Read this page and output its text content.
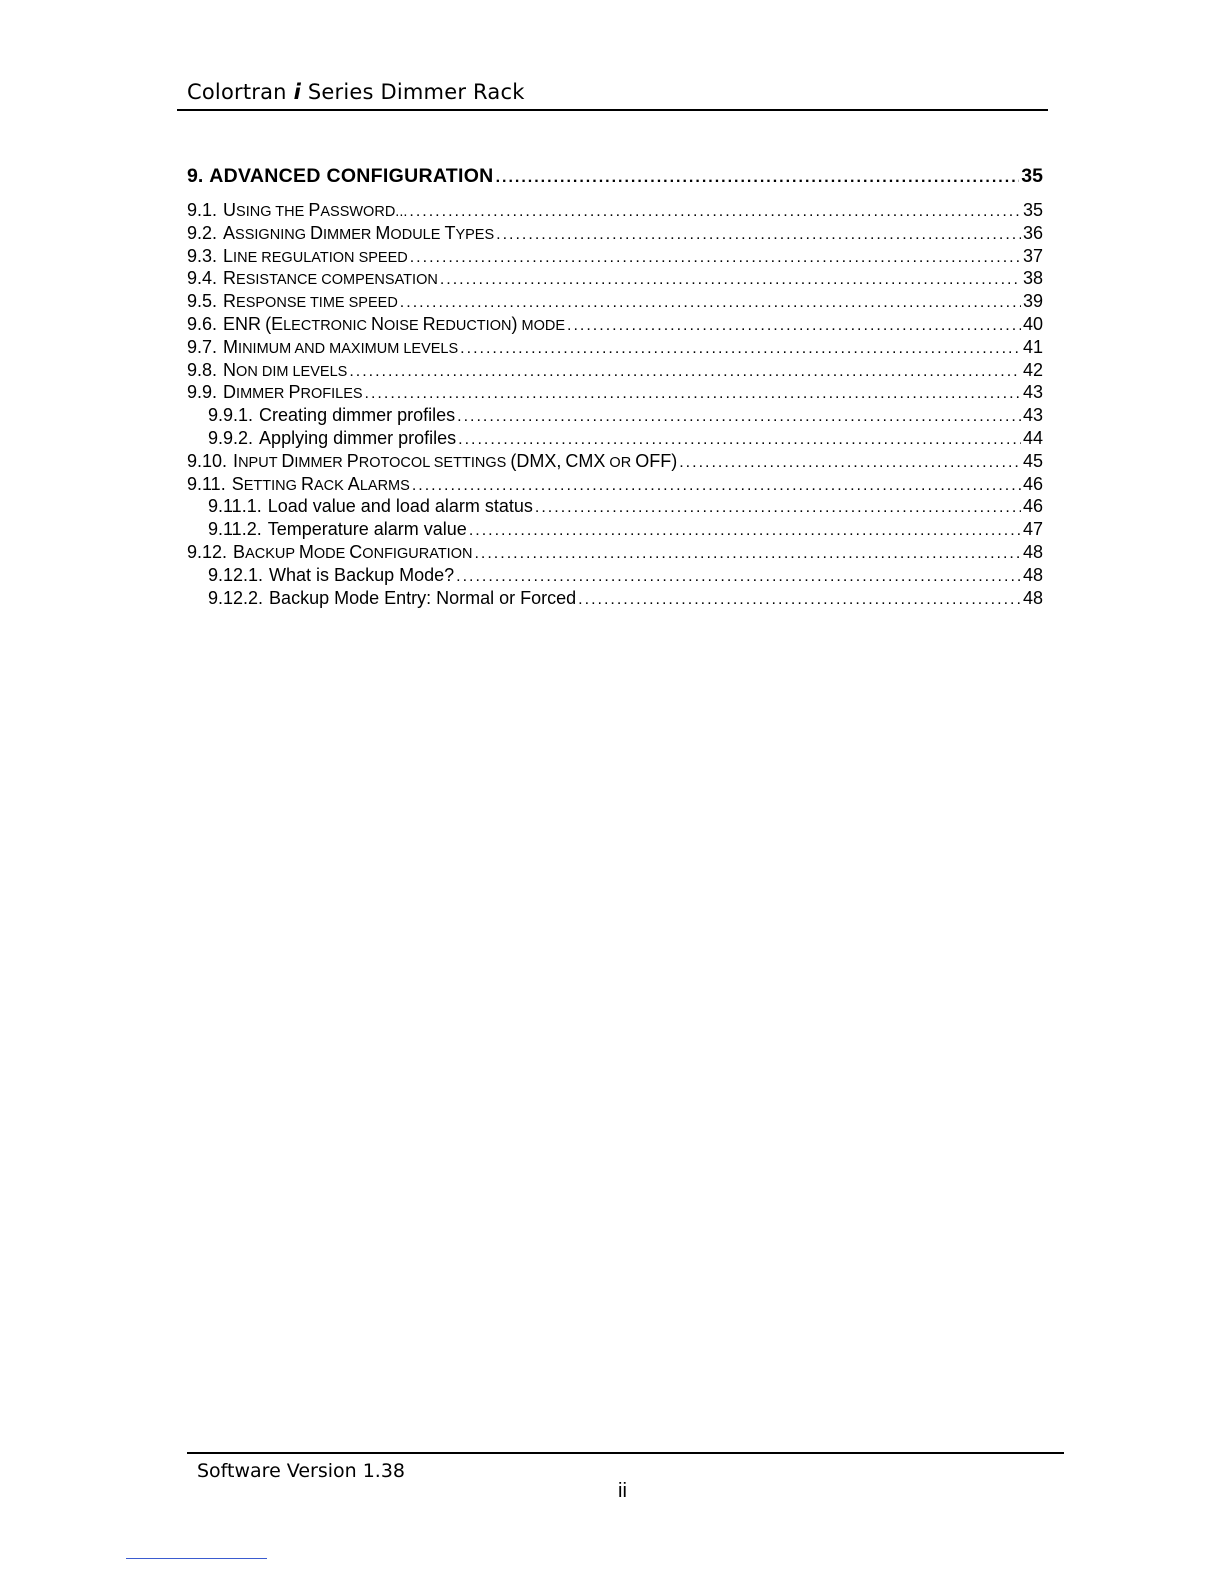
Colortran i Series Dimmer Rack
9. ADVANCED CONFIGURATION .....	35
9.1. USING THE PASSWORD... .....	35
9.2. ASSIGNING DIMMER MODULE TYPES .....	36
9.3. LINE REGULATION SPEED .....	37
9.4. RESISTANCE COMPENSATION .....	38
9.5. RESPONSE TIME SPEED .....	39
9.6. ENR (ELECTRONIC NOISE REDUCTION) MODE .....	40
9.7. MINIMUM AND MAXIMUM LEVELS .....	41
9.8. NON DIM LEVELS .....	42
9.9. DIMMER PROFILES .....	43
9.9.1. Creating dimmer profiles .....	43
9.9.2. Applying dimmer profiles .....	44
9.10. INPUT DIMMER PROTOCOL SETTINGS (DMX, CMX OR OFF) .....	45
9.11. SETTING RACK ALARMS .....	46
9.11.1. Load value and load alarm status .....	46
9.11.2. Temperature alarm value .....	47
9.12. BACKUP MODE CONFIGURATION .....	48
9.12.1. What is Backup Mode? .....	48
9.12.2. Backup Mode Entry: Normal or Forced .....	48
Software Version 1.38
ii
